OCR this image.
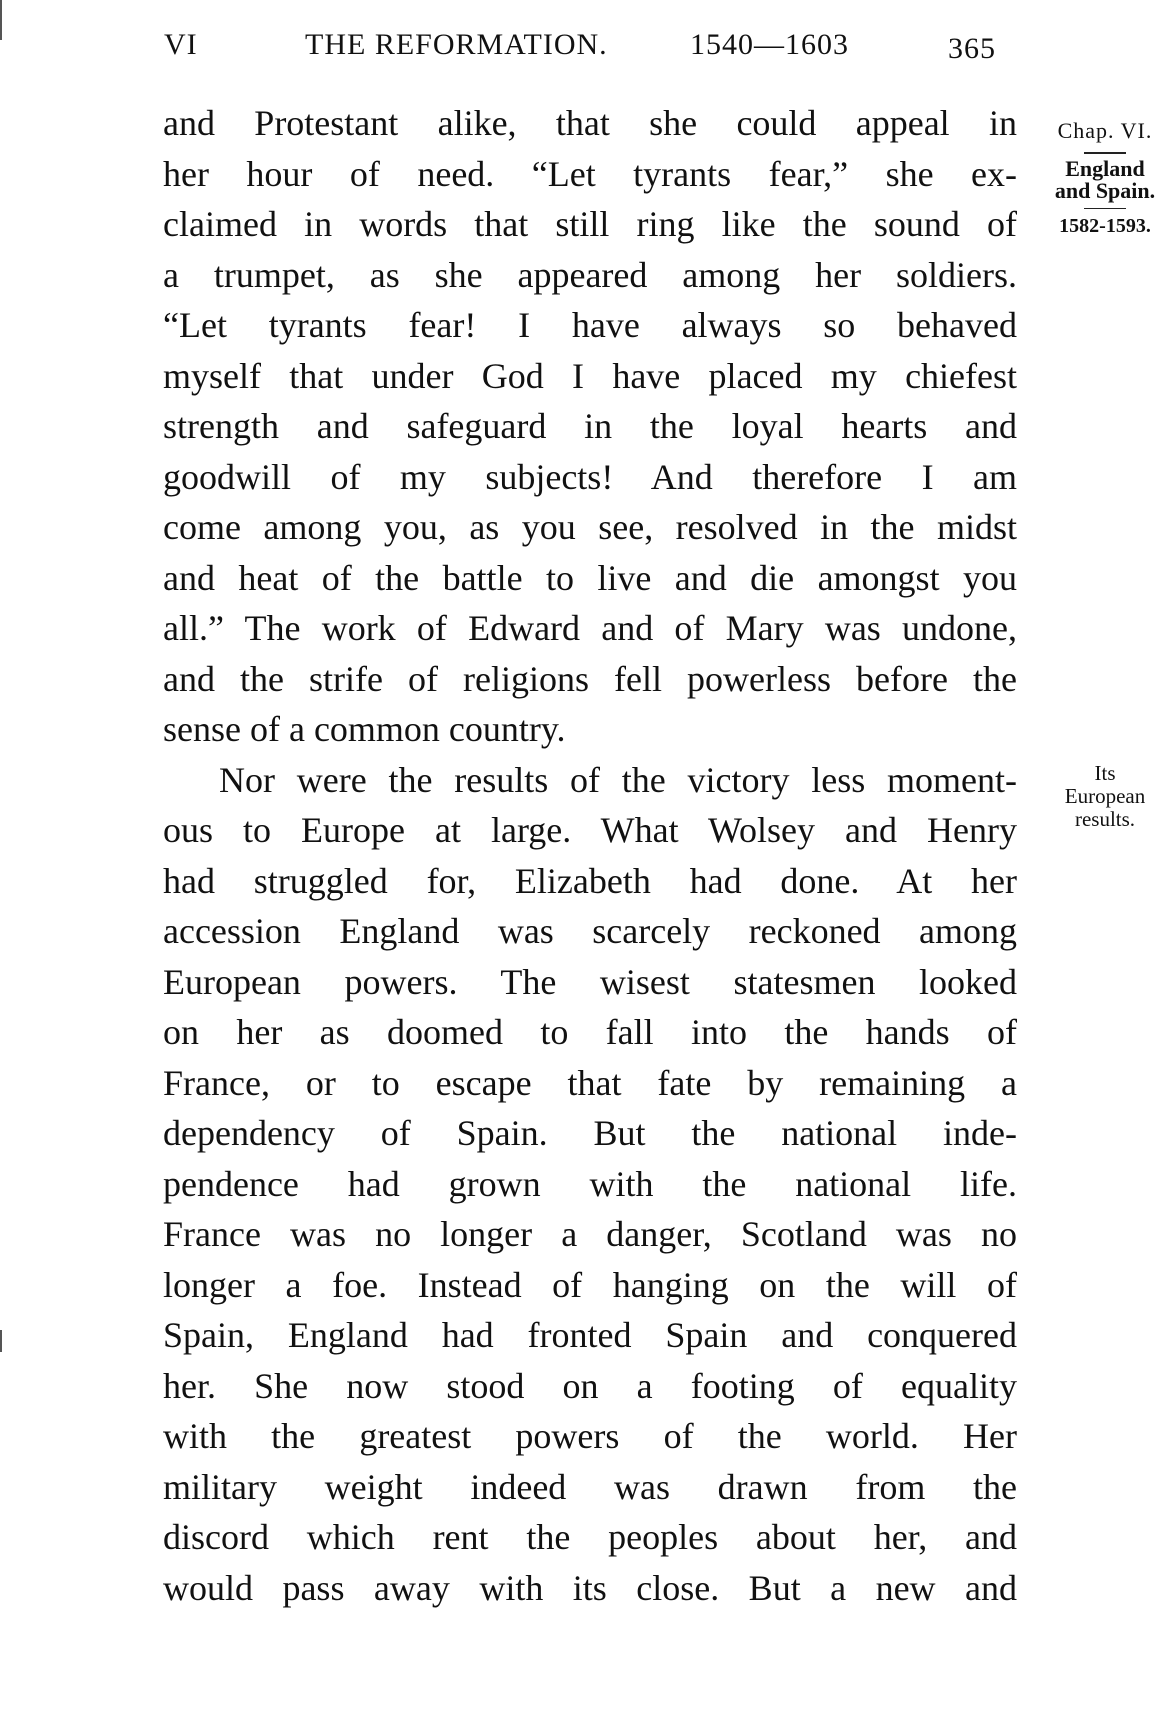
VI	THE REFORMATION.	1540—1603	365
Chap. VI.
England
and Spain.
1582-1593.
Its
European
results.
and Protestant alike, that she could appeal in
her hour of need. “Let tyrants fear,” she ex-
claimed in words that still ring like the sound of
a trumpet, as she appeared among her soldiers.
“Let tyrants fear! I have always so behaved
myself that under God I have placed my chiefest
strength and safeguard in the loyal hearts and
goodwill of my subjects! And therefore I am
come among you, as you see, resolved in the midst
and heat of the battle to live and die amongst you
all.” The work of Edward and of Mary was undone,
and the strife of religions fell powerless before the
sense of a common country.
Nor were the results of the victory less moment-
ous to Europe at large. What Wolsey and Henry
had struggled for, Elizabeth had done. At her
accession England was scarcely reckoned among
European powers. The wisest statesmen looked
on her as doomed to fall into the hands of
France, or to escape that fate by remaining a
dependency of Spain. But the national inde-
pendence had grown with the national life.
France was no longer a danger, Scotland was no
longer a foe. Instead of hanging on the will of
Spain, England had fronted Spain and conquered
her. She now stood on a footing of equality
with the greatest powers of the world. Her
military weight indeed was drawn from the
discord which rent the peoples about her, and
would pass away with its close. But a new and
